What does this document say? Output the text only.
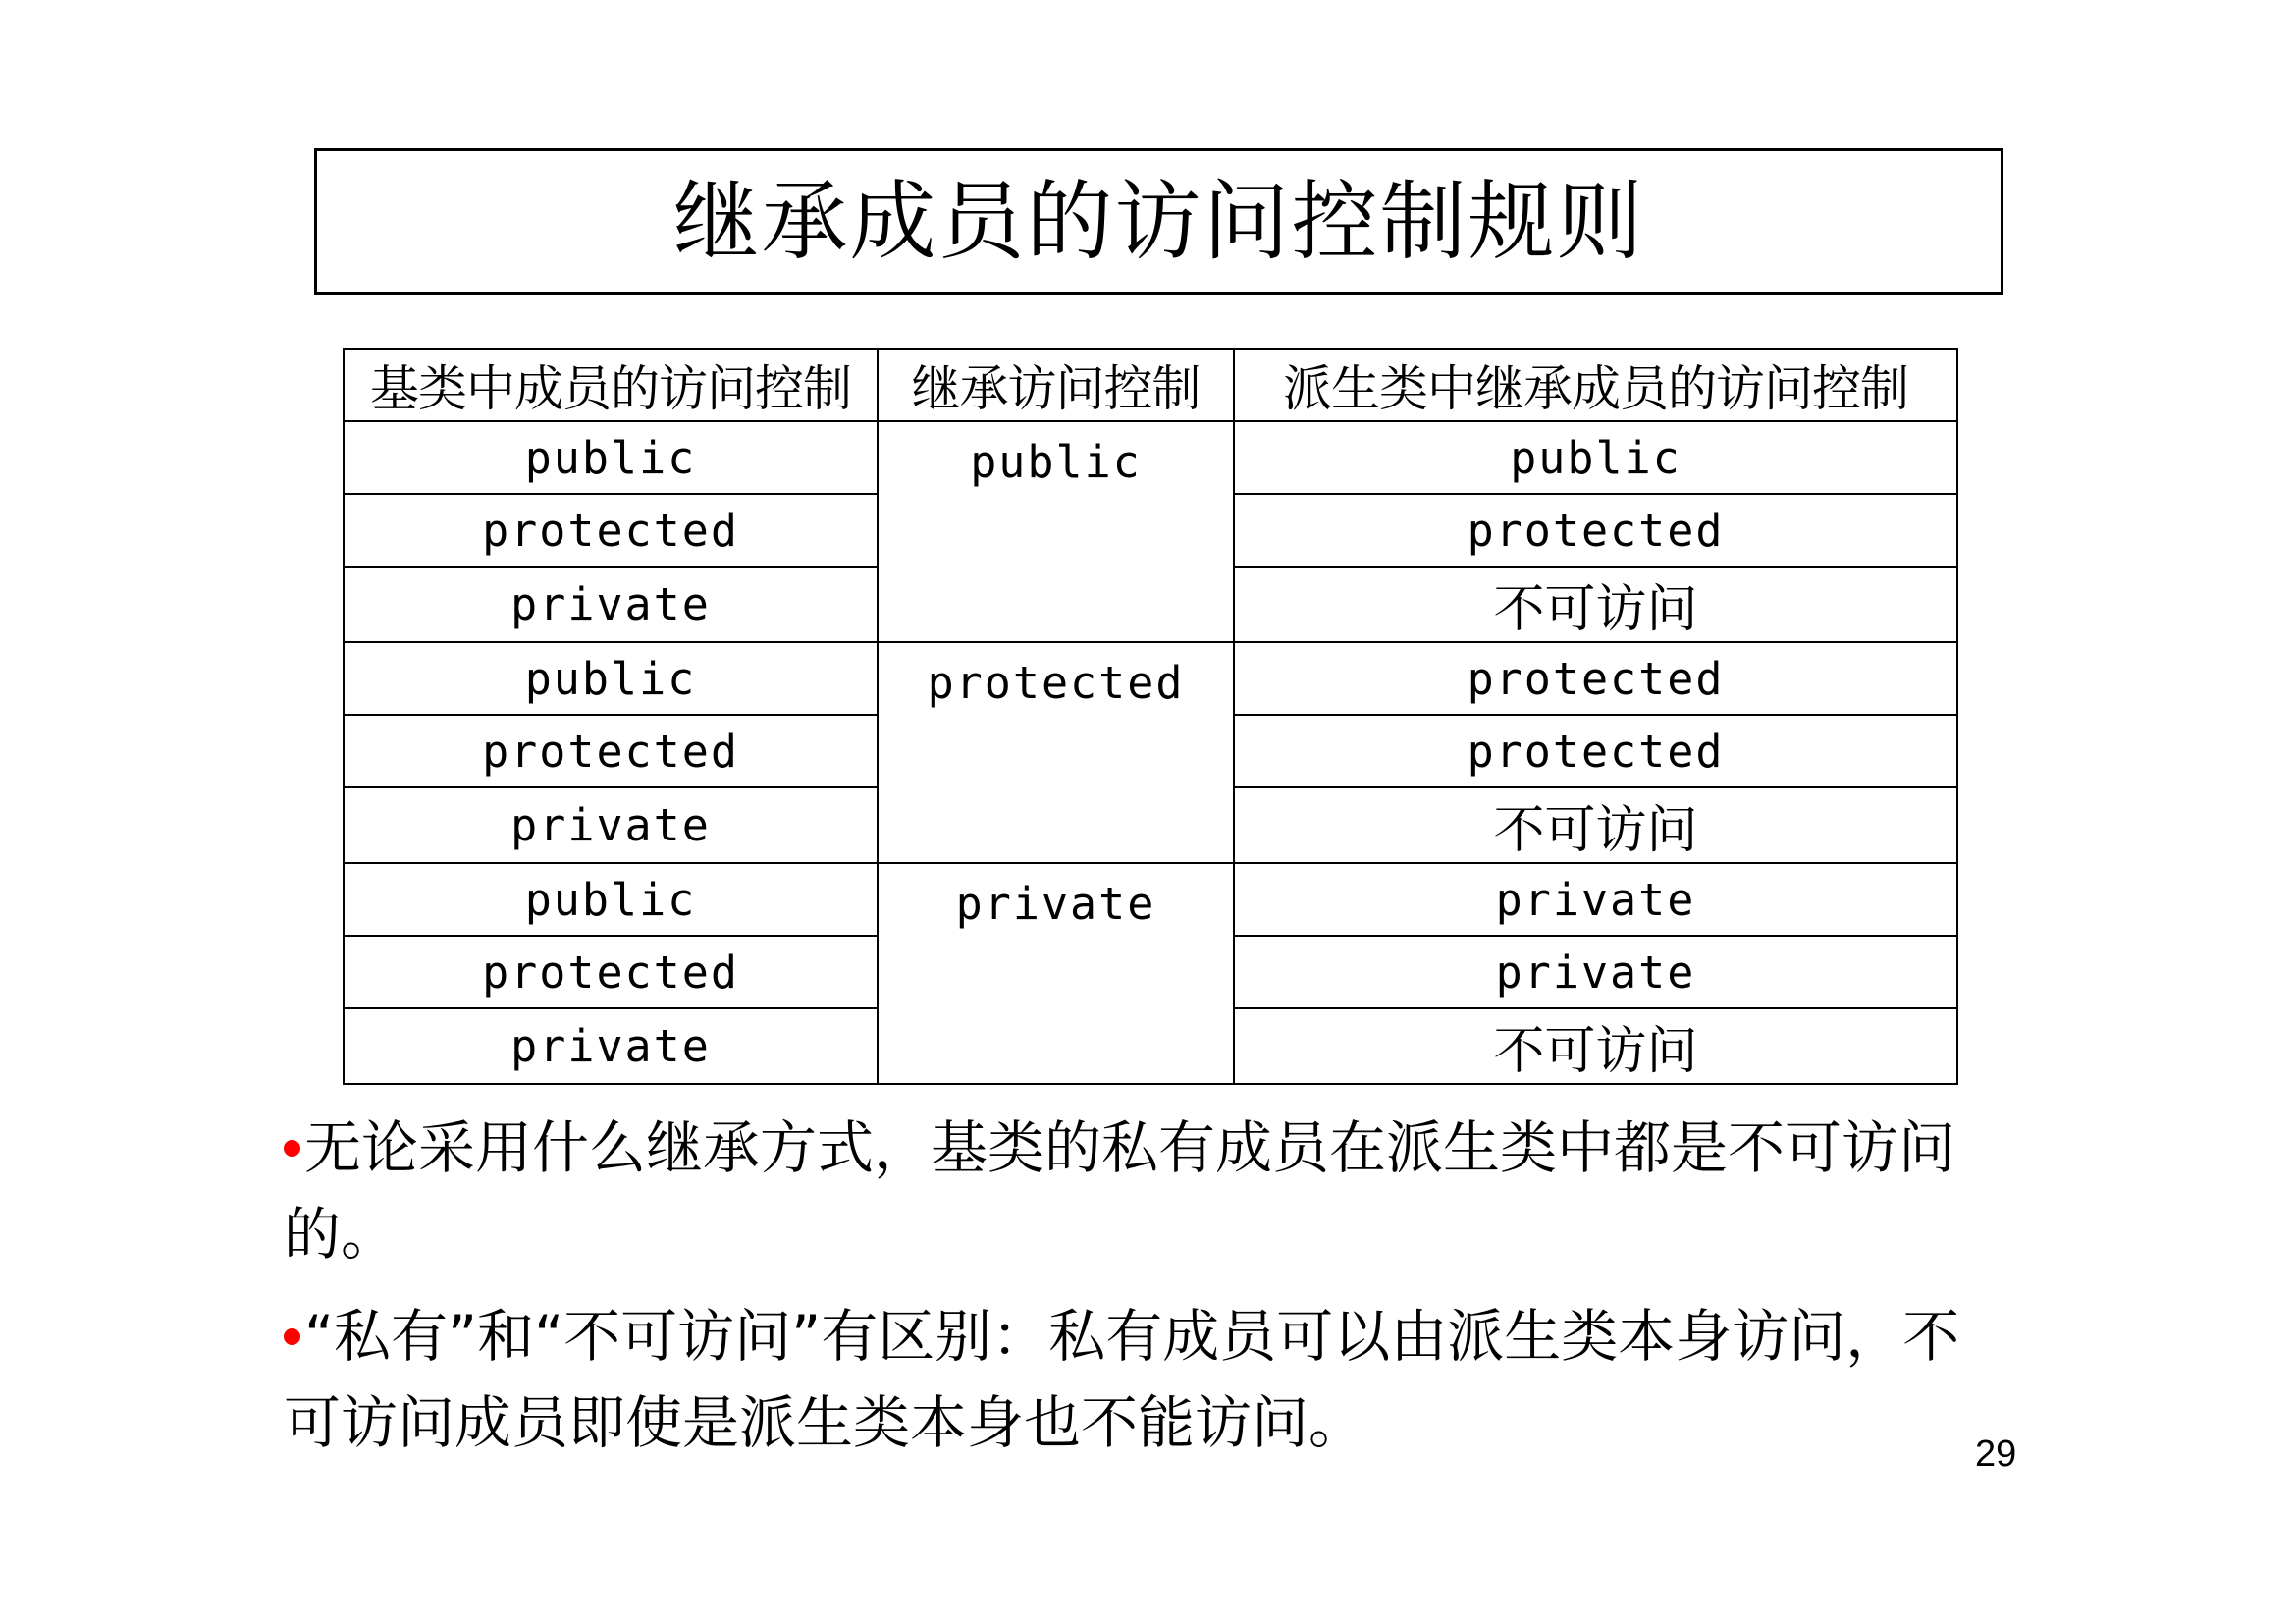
继承成员的访问控制规则
基类中成员的访问控制	继承访问控制	派生类中继承成员的访问控制
public	public	public
protected		protected
private		不可访问
public	protected	protected
protected		protected
private		不可访问
public	private	private
protected		private
private		不可访问
无论采用什么继承方式，基类的私有成员在派生类中都是不可访问的。
“私有”和“不可访问”有区别：私有成员可以由派生类本身访问，不可访问成员即使是派生类本身也不能访问。	29
